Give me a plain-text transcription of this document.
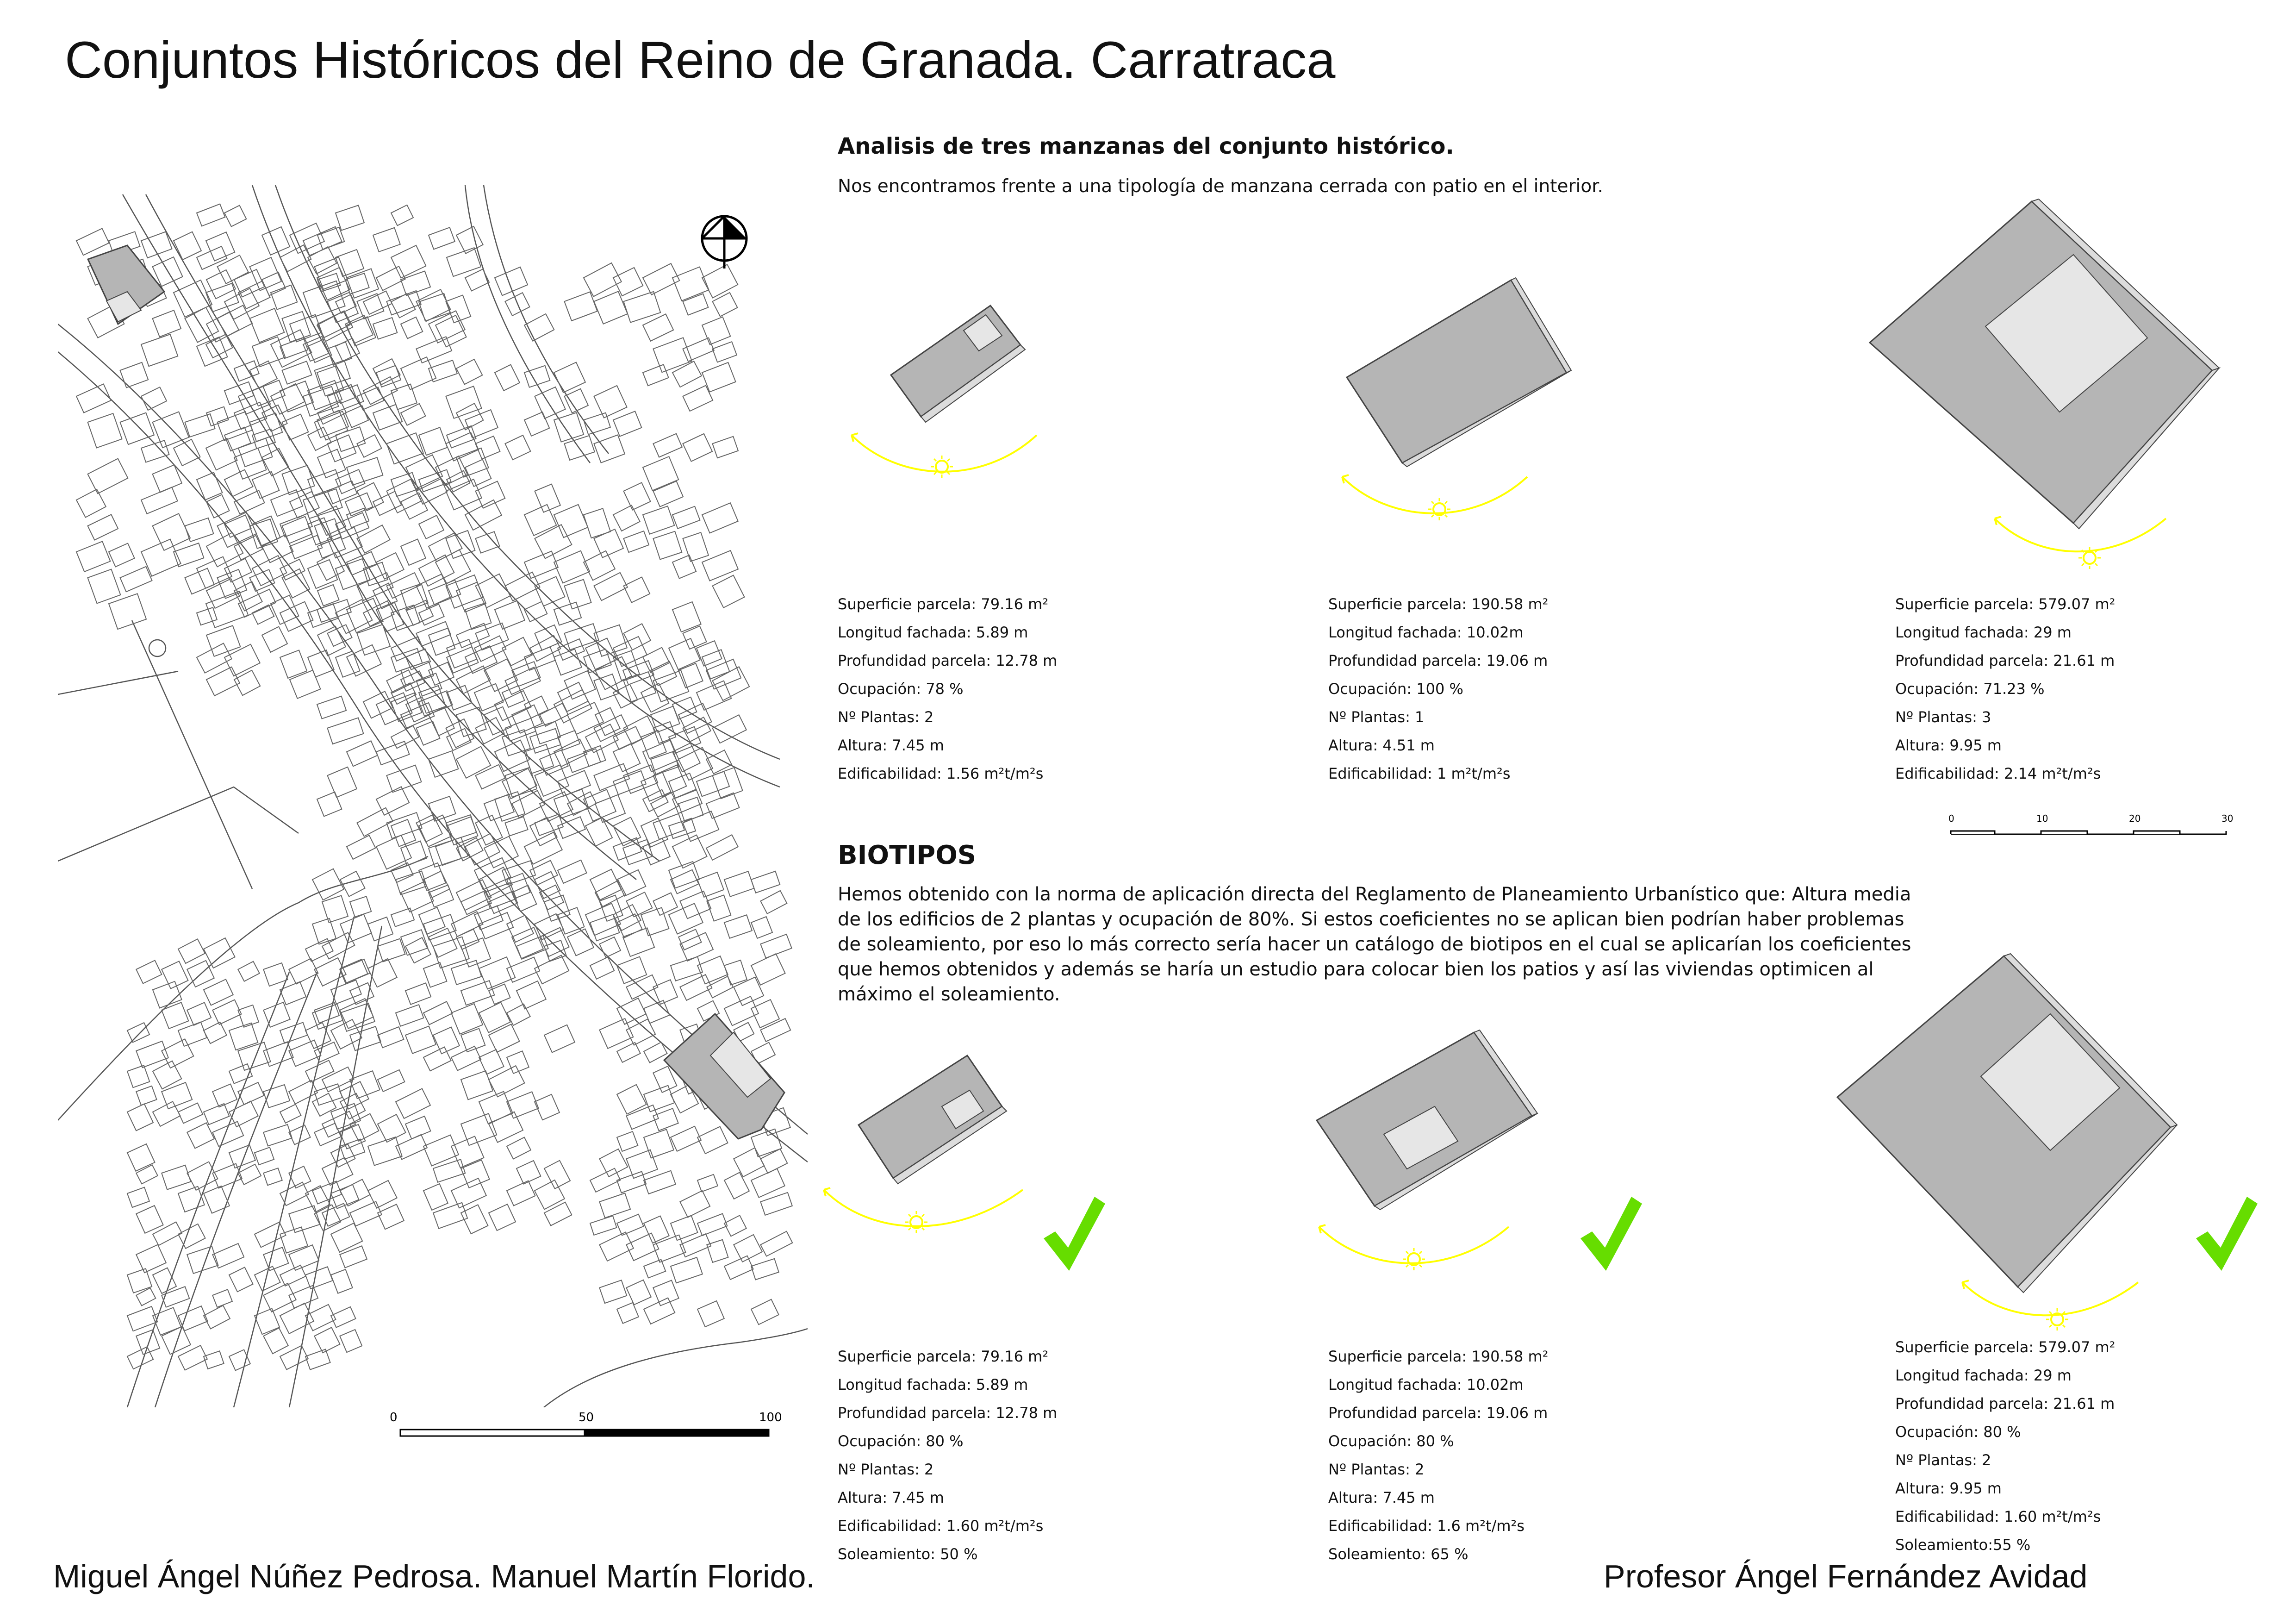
Conjuntos Históricos del Reino de Granada. Carratraca
0	50	100
Analisis de tres manzanas del conjunto histórico.
Nos encontramos frente a una tipología de manzana cerrada con patio en el interior.
Superficie parcela: 79.16 m²
Longitud fachada: 5.89 m
Profundidad parcela: 12.78 m
Ocupación: 78 %
Nº Plantas: 2
Altura: 7.45 m
Edificabilidad: 1.56 m²t/m²s
Superficie parcela: 190.58 m²
Longitud fachada: 10.02m
Profundidad parcela: 19.06 m
Ocupación: 100 %
Nº Plantas: 1
Altura: 4.51 m
Edificabilidad: 1 m²t/m²s
Superficie parcela: 579.07 m²
Longitud fachada: 29 m
Profundidad parcela: 21.61 m
Ocupación: 71.23 %
Nº Plantas: 3
Altura: 9.95 m
Edificabilidad: 2.14 m²t/m²s
0	10	20	30
BIOTIPOS
Hemos obtenido con la norma de aplicación directa del Reglamento de Planeamiento Urbanístico que: Altura media de los edificios de 2 plantas y ocupación de 80%. Si estos coeficientes no se aplican bien podrían haber problemas de soleamiento, por eso lo más correcto sería hacer un catálogo de biotipos en el cual se aplicarían los coeficientes que hemos obtenidos y además se haría un estudio para colocar bien los patios y así las viviendas optimicen al máximo el soleamiento.
Superficie parcela: 79.16 m²
Longitud fachada: 5.89 m
Profundidad parcela: 12.78 m
Ocupación: 80 %
Nº Plantas: 2
Altura: 7.45 m
Edificabilidad: 1.60 m²t/m²s
Soleamiento: 50 %
Superficie parcela: 190.58 m²
Longitud fachada: 10.02m
Profundidad parcela: 19.06 m
Ocupación: 80 %
Nº Plantas: 2
Altura: 7.45 m
Edificabilidad: 1.6 m²t/m²s
Soleamiento: 65 %
Superficie parcela: 579.07 m²
Longitud fachada: 29 m
Profundidad parcela: 21.61 m
Ocupación: 80 %
Nº Plantas: 2
Altura: 9.95 m
Edificabilidad: 1.60 m²t/m²s
Soleamiento:55 %
Miguel Ángel Núñez Pedrosa. Manuel Martín Florido.	Profesor Ángel Fernández Avidad
